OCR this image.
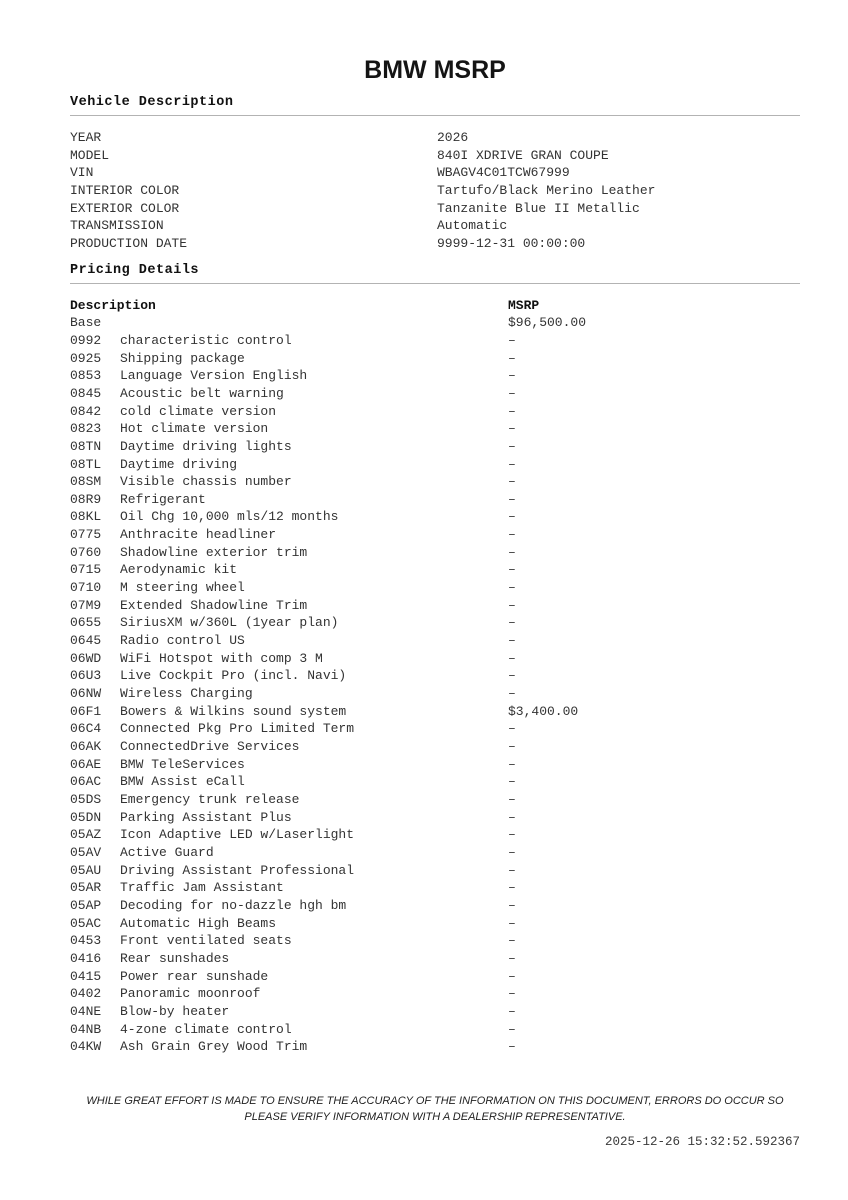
BMW MSRP
Vehicle Description
YEAR	2026
MODEL	840I XDRIVE GRAN COUPE
VIN	WBAGV4C01TCW67999
INTERIOR COLOR	Tartufo/Black Merino Leather
EXTERIOR COLOR	Tanzanite Blue II Metallic
TRANSMISSION	Automatic
PRODUCTION DATE	9999-12-31 00:00:00
Pricing Details
Description	MSRP
Base	$96,500.00
0992	characteristic control	–
0925	Shipping package	–
0853	Language Version English	–
0845	Acoustic belt warning	–
0842	cold climate version	–
0823	Hot climate version	–
08TN	Daytime driving lights	–
08TL	Daytime driving	–
08SM	Visible chassis number	–
08R9	Refrigerant	–
08KL	Oil Chg 10,000 mls/12 months	–
0775	Anthracite headliner	–
0760	Shadowline exterior trim	–
0715	Aerodynamic kit	–
0710	M steering wheel	–
07M9	Extended Shadowline Trim	–
0655	SiriusXM w/360L (1year plan)	–
0645	Radio control US	–
06WD	WiFi Hotspot with comp 3 M	–
06U3	Live Cockpit Pro (incl. Navi)	–
06NW	Wireless Charging	–
06F1	Bowers & Wilkins sound system	$3,400.00
06C4	Connected Pkg Pro Limited Term	–
06AK	ConnectedDrive Services	–
06AE	BMW TeleServices	–
06AC	BMW Assist eCall	–
05DS	Emergency trunk release	–
05DN	Parking Assistant Plus	–
05AZ	Icon Adaptive LED w/Laserlight	–
05AV	Active Guard	–
05AU	Driving Assistant Professional	–
05AR	Traffic Jam Assistant	–
05AP	Decoding for no-dazzle hgh bm	–
05AC	Automatic High Beams	–
0453	Front ventilated seats	–
0416	Rear sunshades	–
0415	Power rear sunshade	–
0402	Panoramic moonroof	–
04NE	Blow-by heater	–
04NB	4-zone climate control	–
04KW	Ash Grain Grey Wood Trim	–
WHILE GREAT EFFORT IS MADE TO ENSURE THE ACCURACY OF THE INFORMATION ON THIS DOCUMENT, ERRORS DO OCCUR SO PLEASE VERIFY INFORMATION WITH A DEALERSHIP REPRESENTATIVE.
2025-12-26 15:32:52.592367
